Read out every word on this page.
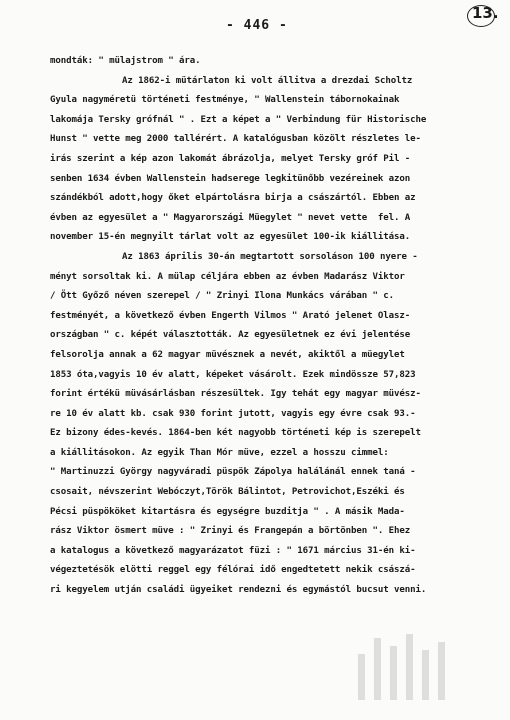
13.
- 446 -
mondták: " mülajstrom " ára.
Az 1862-i mütárlaton ki volt állitva a drezdai Scholtz
Gyula nagyméretü történeti festménye, " Wallenstein tábornokainak
lakomája Tersky grófnál " . Ezt a képet a " Verbindung für Historische
Hunst " vette meg 2000 tallérért. A katalógusban közölt részletes le-
irás szerint a kép azon lakomát ábrázolja, melyet Tersky gróf Pil -
senben 1634 évben Wallenstein hadserege legkitünőbb vezéreinek azon
szándékból adott,hogy őket elpártolásra birja a császártól. Ebben az
évben az egyesület a " Magyarországi Müegylet " nevet vette  fel. A
november 15-én megnyilt tárlat volt az egyesület 100-ik kiállitása.
Az 1863 április 30-án megtartott sorsoláson 100 nyere -
ményt sorsoltak ki. A mülap céljára ebben az évben Madarász Viktor
/ Ött Győző néven szerepel / " Zrinyi Ilona Munkács várában " c.
festményét, a következő évben Engerth Vilmos " Arató jelenet Olasz-
országban " c. képét választották. Az egyesületnek ez évi jelentése
felsorolja annak a 62 magyar müvésznek a nevét, akiktől a müegylet
1853 óta,vagyis 10 év alatt, képeket vásárolt. Ezek mindössze 57,823
forint értékü müvásárlásban részesültek. Igy tehát egy magyar müvész-
re 10 év alatt kb. csak 930 forint jutott, vagyis egy évre csak 93.-
Ez bizony édes-kevés. 1864-ben két nagyobb történeti kép is szerepelt
a kiállitásokon. Az egyik Than Mór müve, ezzel a hosszu cimmel:
" Martinuzzi György nagyváradi püspök Zápolya halálánál ennek taná -
csosait, névszerint Webóczyt,Török Bálintot, Petrovichot,Eszéki és
Pécsi püspököket kitartásra és egységre buzditja " . A másik Mada-
rász Viktor ösmert müve : " Zrinyi és Frangepán a börtönben ". Ehez
a katalogus a következő magyarázatot füzi : " 1671 március 31-én ki-
végeztetésök elötti reggel egy félórai idő engedtetett nekik császá-
ri kegyelem utján családi ügyeiket rendezni és egymástól bucsut venni.
